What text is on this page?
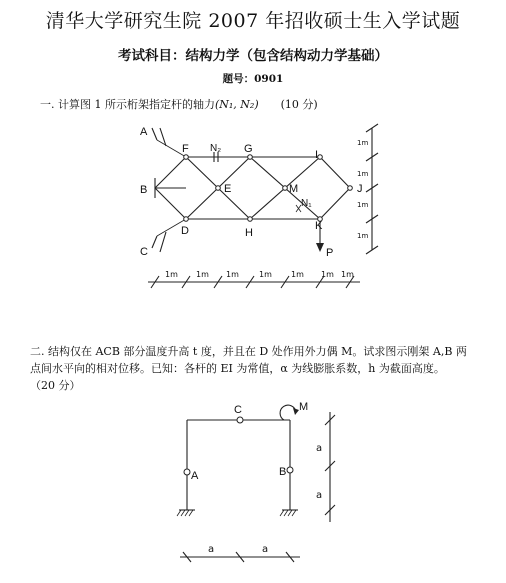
清华大学研究生院 2007 年招收硕士生入学试题
考试科目：结构力学（包含结构动力学基础）
题号：0901
一. 计算图 1 所示桁架指定杆的轴力(N₁, N₂) (10 分)
二. 结构仅在 ACB 部分温度升高 t 度，并且在 D 处作用外力偶 M。试求图示刚架 A,B 两
点间水平向的相对位移。已知：各杆的 EI 为常值，α 为线膨胀系数，h 为截面高度。
（20 分）
A
B
C
D
E
F	G
H
I
J
K
M
N₁
N₂
P
1m 1m 1m	1m 1m 1m 1m
1m
1m
1m
1m
C
A	B
M
a	a
a
a
